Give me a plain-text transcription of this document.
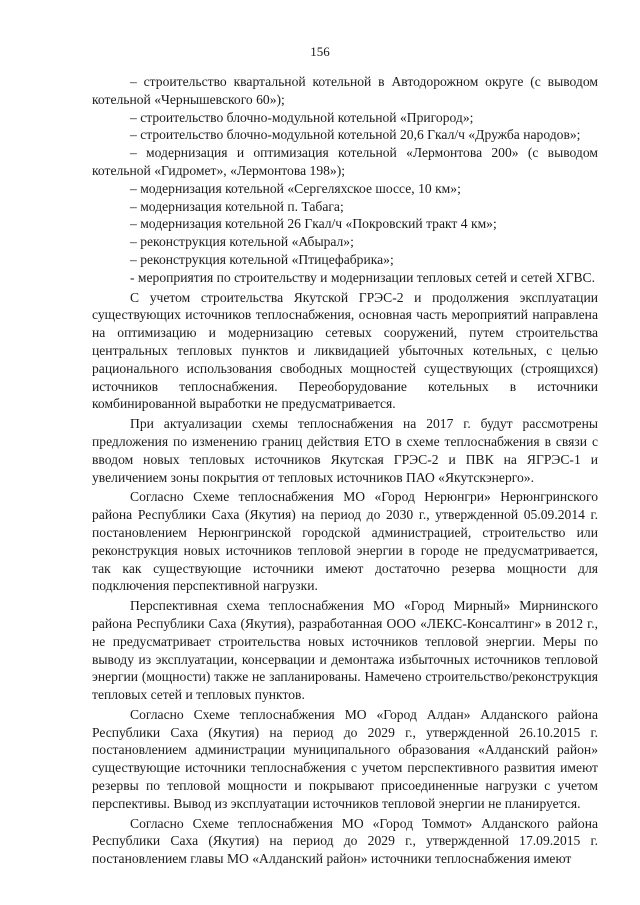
156

– строительство квартальной котельной в Автодорожном округе (с выводом котельной «Чернышевского 60»);

– строительство блочно-модульной котельной «Пригород»;

– строительство блочно-модульной котельной 20,6 Гкал/ч «Дружба народов»;

– модернизация и оптимизация котельной «Лермонтова 200» (с выводом котельной «Гидромет», «Лермонтова 198»);

– модернизация котельной «Сергеляхское шоссе, 10 км»;

– модернизация котельной п. Табага;

– модернизация котельной 26 Гкал/ч «Покровский тракт 4 км»;

– реконструкция котельной «Абырал»;

– реконструкция котельной «Птицефабрика»;

- мероприятия по строительству и модернизации тепловых сетей и сетей ХГВС.

С учетом строительства Якутской ГРЭС-2 и продолжения эксплуатации существующих источников теплоснабжения, основная часть мероприятий направлена на оптимизацию и модернизацию сетевых сооружений, путем строительства центральных тепловых пунктов и ликвидацией убыточных котельных, с целью рационального использования свободных мощностей существующих (строящихся) источников теплоснабжения. Переоборудование котельных в источники комбинированной выработки не предусматривается.

При актуализации схемы теплоснабжения на 2017 г. будут рассмотрены предложения по изменению границ действия ЕТО в схеме теплоснабжения в связи с вводом новых тепловых источников Якутская ГРЭС-2 и ПВК на ЯГРЭС-1 и увеличением зоны покрытия от тепловых источников ПАО «Якутскэнерго».

Согласно Схеме теплоснабжения МО «Город Нерюнгри» Нерюнгринского района Республики Саха (Якутия) на период до 2030 г., утвержденной 05.09.2014 г. постановлением Нерюнгринской городской администрацией, строительство или реконструкция новых источников тепловой энергии в городе не предусматривается, так как существующие источники имеют достаточно резерва мощности для подключения перспективной нагрузки.

Перспективная схема теплоснабжения МО «Город Мирный» Мирнинского района Республики Саха (Якутия), разработанная ООО «ЛЕКС-Консалтинг» в 2012 г., не предусматривает строительства новых источников тепловой энергии. Меры по выводу из эксплуатации, консервации и демонтажа избыточных источников тепловой энергии (мощности) также не запланированы. Намечено строительство/реконструкция тепловых сетей и тепловых пунктов.

Согласно Схеме теплоснабжения МО «Город Алдан» Алданского района Республики Саха (Якутия) на период до 2029 г., утвержденной 26.10.2015 г. постановлением администрации муниципального образования «Алданский район» существующие источники теплоснабжения с учетом перспективного развития имеют резервы по тепловой мощности и покрывают присоединенные нагрузки с учетом перспективы. Вывод из эксплуатации источников тепловой энергии не планируется.

Согласно Схеме теплоснабжения МО «Город Томмот» Алданского района Республики Саха (Якутия) на период до 2029 г., утвержденной 17.09.2015 г. постановлением главы МО «Алданский район» источники теплоснабжения имеют
